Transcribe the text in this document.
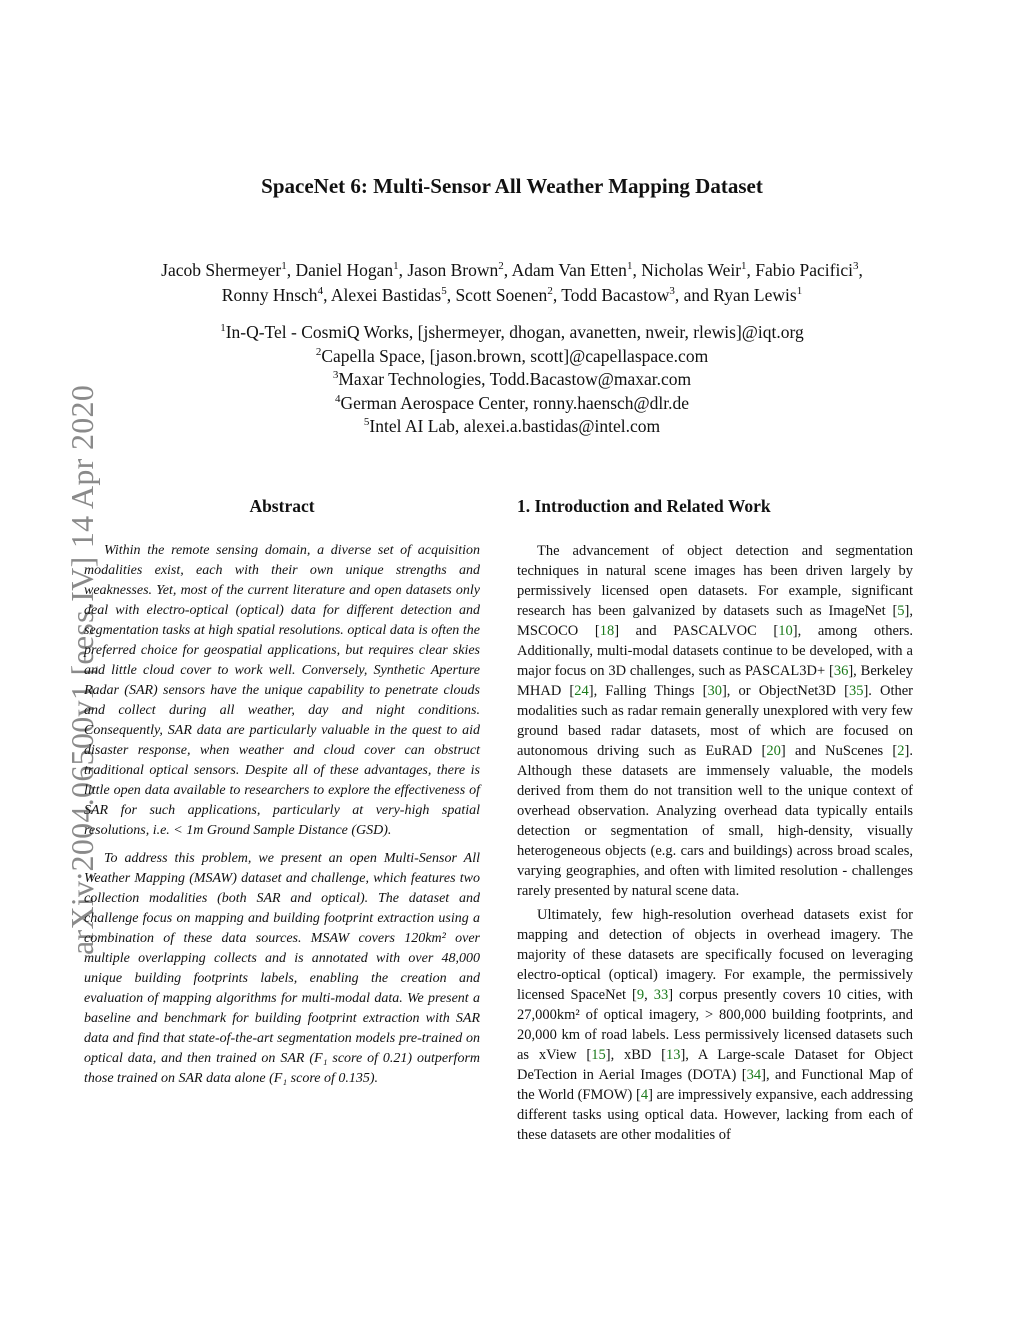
arXiv:2004.06500v1 [eess.IV] 14 Apr 2020
SpaceNet 6: Multi-Sensor All Weather Mapping Dataset
Jacob Shermeyer$^1$, Daniel Hogan$^1$, Jason Brown$^2$, Adam Van Etten$^1$, Nicholas Weir$^1$, Fabio Pacifici$^3$,
Ronny Hnsch$^4$, Alexei Bastidas$^5$, Scott Soenen$^2$, Todd Bacastow$^3$, and Ryan Lewis$^1$
$^1$In-Q-Tel - CosmiQ Works, [jshermeyer, dhogan, avanetten, nweir, rlewis]@iqt.org
$^2$Capella Space, [jason.brown, scott]@capellaspace.com
$^3$Maxar Technologies, Todd.Bacastow@maxar.com
$^4$German Aerospace Center, ronny.haensch@dlr.de
$^5$Intel AI Lab, alexei.a.bastidas@intel.com
Abstract

Within the remote sensing domain, a diverse set of acquisition modalities exist, each with their own unique strengths and weaknesses. Yet, most of the current literature and open datasets only deal with electro-optical (optical) data for different detection and segmentation tasks at high spatial resolutions. optical data is often the preferred choice for geospatial applications, but requires clear skies and little cloud cover to work well. Conversely, Synthetic Aperture Radar (SAR) sensors have the unique capability to penetrate clouds and collect during all weather, day and night conditions. Consequently, SAR data are particularly valuable in the quest to aid disaster response, when weather and cloud cover can obstruct traditional optical sensors. Despite all of these advantages, there is little open data available to researchers to explore the effectiveness of SAR for such applications, particularly at very-high spatial resolutions, i.e. < 1m Ground Sample Distance (GSD).

To address this problem, we present an open Multi-Sensor All Weather Mapping (MSAW) dataset and challenge, which features two collection modalities (both SAR and optical). The dataset and challenge focus on mapping and building footprint extraction using a combination of these data sources. MSAW covers 120km² over multiple overlapping collects and is annotated with over 48,000 unique building footprints labels, enabling the creation and evaluation of mapping algorithms for multi-modal data. We present a baseline and benchmark for building footprint extraction with SAR data and find that state-of-the-art segmentation models pre-trained on optical data, and then trained on SAR (F₁ score of 0.21) outperform those trained on SAR data alone (F₁ score of 0.135).

1. Introduction and Related Work

The advancement of object detection and segmentation techniques in natural scene images has been driven largely by permissively licensed open datasets. For example, significant research has been galvanized by datasets such as ImageNet [5], MSCOCO [18] and PASCALVOC [10], among others. Additionally, multi-modal datasets continue to be developed, with a major focus on 3D challenges, such as PASCAL3D+ [36], Berkeley MHAD [24], Falling Things [30], or ObjectNet3D [35]. Other modalities such as radar remain generally unexplored with very few ground based radar datasets, most of which are focused on autonomous driving such as EuRAD [20] and NuScenes [2]. Although these datasets are immensely valuable, the models derived from them do not transition well to the unique context of overhead observation. Analyzing overhead data typically entails detection or segmentation of small, high-density, visually heterogeneous objects (e.g. cars and buildings) across broad scales, varying geographies, and often with limited resolution - challenges rarely presented by natural scene data.

Ultimately, few high-resolution overhead datasets exist for mapping and detection of objects in overhead imagery. The majority of these datasets are specifically focused on leveraging electro-optical (optical) imagery. For example, the permissively licensed SpaceNet [9, 33] corpus presently covers 10 cities, with 27,000km² of optical imagery, > 800,000 building footprints, and 20,000 km of road labels. Less permissively licensed datasets such as xView [15], xBD [13], A Large-scale Dataset for Object DeTection in Aerial Images (DOTA) [34], and Functional Map of the World (FMOW) [4] are impressively expansive, each addressing different tasks using optical data. However, lacking from each of these datasets are other modalities of
